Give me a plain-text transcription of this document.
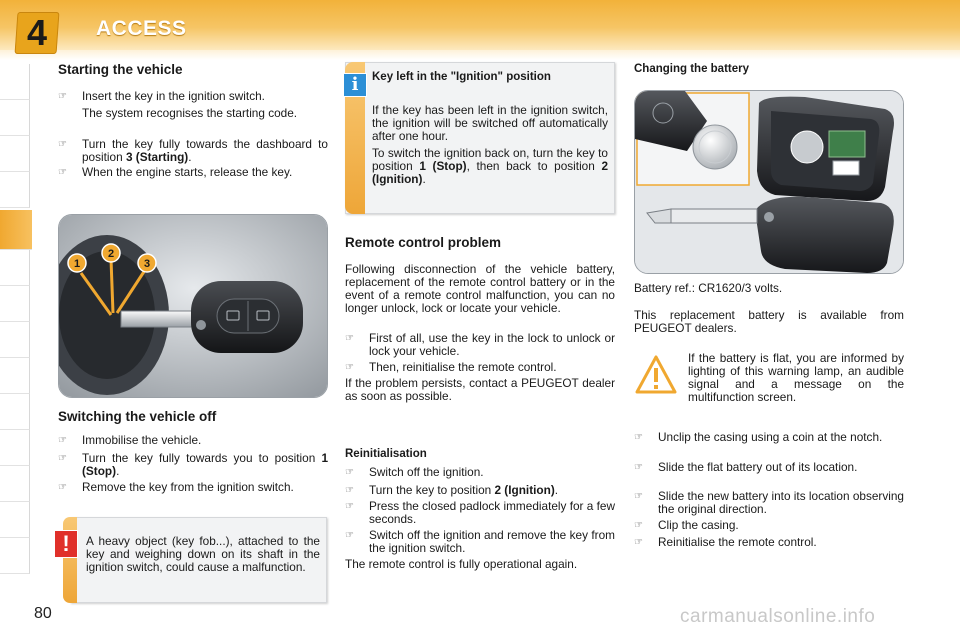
4	ACCESS
Starting the vehicle
☞	Insert the key in the ignition switch.
The system recognises the starting code.
☞	Turn the key fully towards the dashboard to position 3 (Starting).
☞	When the engine starts, release the key.
1
2
3
Switching the vehicle off
☞	Immobilise the vehicle.
☞	Turn the key fully towards you to position 1 (Stop).
☞	Remove the key from the ignition switch.
!	A heavy object (key fob...), attached to the key and weighing down on its shaft in the ignition switch, could cause a malfunction.
i	Key left in the "Ignition" position
If the key has been left in the ignition switch, the ignition will be switched off automatically after one hour.
To switch the ignition back on, turn the key to position 1 (Stop), then back to position 2 (Ignition).
Remote control problem
Following disconnection of the vehicle battery, replacement of the remote control battery or in the event of a remote control malfunction, you can no longer unlock, lock or locate your vehicle.
☞	First of all, use the key in the lock to unlock or lock your vehicle.
☞	Then, reinitialise the remote control.
If the problem persists, contact a PEUGEOT dealer as soon as possible.
Reinitialisation
☞	Switch off the ignition.
☞	Turn the key to position 2 (Ignition).
☞	Press the closed padlock immediately for a few seconds.
☞	Switch off the ignition and remove the key from the ignition switch.
The remote control is fully operational again.
Changing the battery
Battery ref.: CR1620/3 volts.
This replacement battery is available from PEUGEOT dealers.
If the battery is flat, you are informed by lighting of this warning lamp, an audible signal and a message on the multifunction screen.
☞	Unclip the casing using a coin at the notch.
☞	Slide the flat battery out of its location.
☞	Slide the new battery into its location observing the original direction.
☞	Clip the casing.
☞	Reinitialise the remote control.
80	carmanualsonline.info
